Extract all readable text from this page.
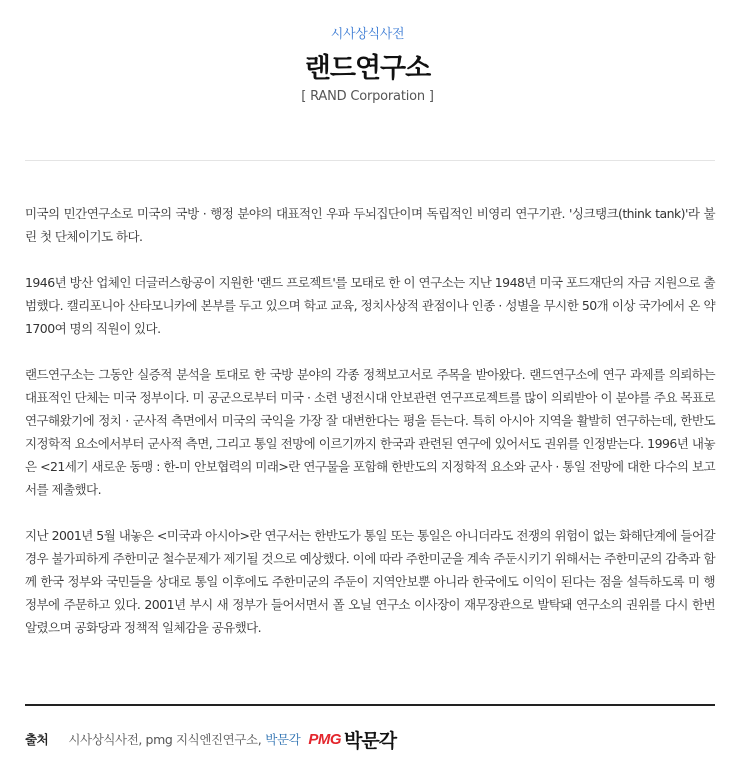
시사상식사전
랜드연구소
[ RAND Corporation ]

미국의 민간연구소로 미국의 국방 · 행정 분야의 대표적인 우파 두뇌집단이며 독립적인 비영리 연구기관. '싱크탱크(think tank)'라 불린 첫 단체이기도 하다.

1946년 방산 업체인 더글러스항공이 지원한 '랜드 프로젝트'를 모태로 한 이 연구소는 지난 1948년 미국 포드재단의 자금 지원으로 출범했다. 캘리포니아 산타모니카에 본부를 두고 있으며 학교 교육, 정치사상적 관점이나 인종 · 성별을 무시한 50개 이상 국가에서 온 약 1700여 명의 직원이 있다.

랜드연구소는 그동안 실증적 분석을 토대로 한 국방 분야의 각종 정책보고서로 주목을 받아왔다. 랜드연구소에 연구 과제를 의뢰하는 대표적인 단체는 미국 정부이다. 미 공군으로부터 미국 · 소련 냉전시대 안보관련 연구프로젝트를 많이 의뢰받아 이 분야를 주요 목표로 연구해왔기에 정치 · 군사적 측면에서 미국의 국익을 가장 잘 대변한다는 평을 듣는다. 특히 아시아 지역을 활발히 연구하는데, 한반도 지정학적 요소에서부터 군사적 측면, 그리고 통일 전망에 이르기까지 한국과 관련된 연구에 있어서도 권위를 인정받는다. 1996년 내놓은 <21세기 새로운 동맹 : 한-미 안보협력의 미래>란 연구물을 포함해 한반도의 지정학적 요소와 군사 · 통일 전망에 대한 다수의 보고서를 제출했다.

지난 2001년 5월 내놓은 <미국과 아시아>란 연구서는 한반도가 통일 또는 통일은 아니더라도 전쟁의 위험이 없는 화해단계에 들어갈 경우 불가피하게 주한미군 철수문제가 제기될 것으로 예상했다. 이에 따라 주한미군을 계속 주둔시키기 위해서는 주한미군의 감축과 함께 한국 정부와 국민들을 상대로 통일 이후에도 주한미군의 주둔이 지역안보뿐 아니라 한국에도 이익이 된다는 점을 설득하도록 미 행정부에 주문하고 있다. 2001년 부시 새 정부가 들어서면서 폴 오닐 연구소 이사장이 재무장관으로 발탁돼 연구소의 권위를 다시 한번 알렸으며 공화당과 정책적 일체감을 공유했다.

출처 시사상식사전, pmg 지식엔진연구소, 박문각 PMG 박문각
